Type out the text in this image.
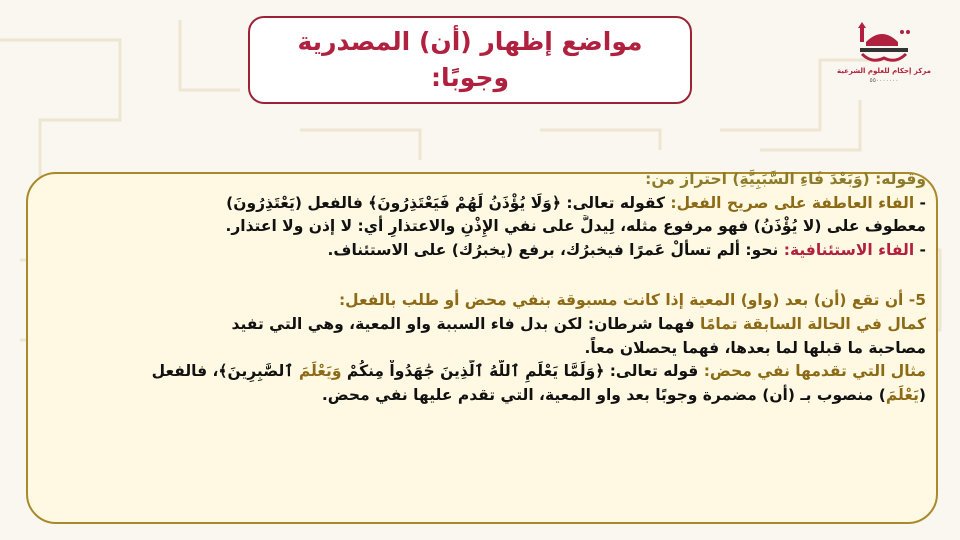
مواضع إظهار (أن) المصدرية
وجوبًا:	مركز إحكام للعلوم الشرعية
٥٥٠٠٠٠٠٠٠
وقوله: (وَبَعْدَ فَاءِ السَّبَبِيَّةِ) احتراز من:
- الفاء العاطفة على صريح الفعل: كقوله تعالى: ﴿وَلَا يُؤْذَنُ لَهُمْ فَيَعْتَذِرُونَ﴾ فالفعل (يَعْتَذِرُونَ)
معطوف على (لا يُؤْذَنُ) فهو مرفوع مثله، لِيدلَّ على نفي الإِذْنِ والاعتذارِ أي: لا إذن ولا اعتذار.
- الفاء الاستئنافية: نحو: ألم تسألْ عَمرًا فيخبرُك، برفع (يخبرُك) على الاستئناف.
5- أن تقع (أن) بعد (واو) المعية إذا كانت مسبوقة بنفي محض أو طلب بالفعل:
كمال في الحالة السابقة تمامًا فهما شرطان: لكن بدل فاء السببة واو المعية، وهي التي تفيد
مصاحبة ما قبلها لما بعدها، فهما يحصلان معاً.
مثال التي تقدمها نفي محض: قوله تعالى: ﴿وَلَمَّا يَعْلَمِ ٱللَّهُ ٱلَّذِينَ جَٰهَدُواْ مِنكُمْ وَيَعْلَمَ ٱلصَّٰبِرِينَ﴾، فالفعل
(يَعْلَمَ) منصوب بـ (أن) مضمرة وجوبًا بعد واو المعية، التي تقدم عليها نفي محض.
